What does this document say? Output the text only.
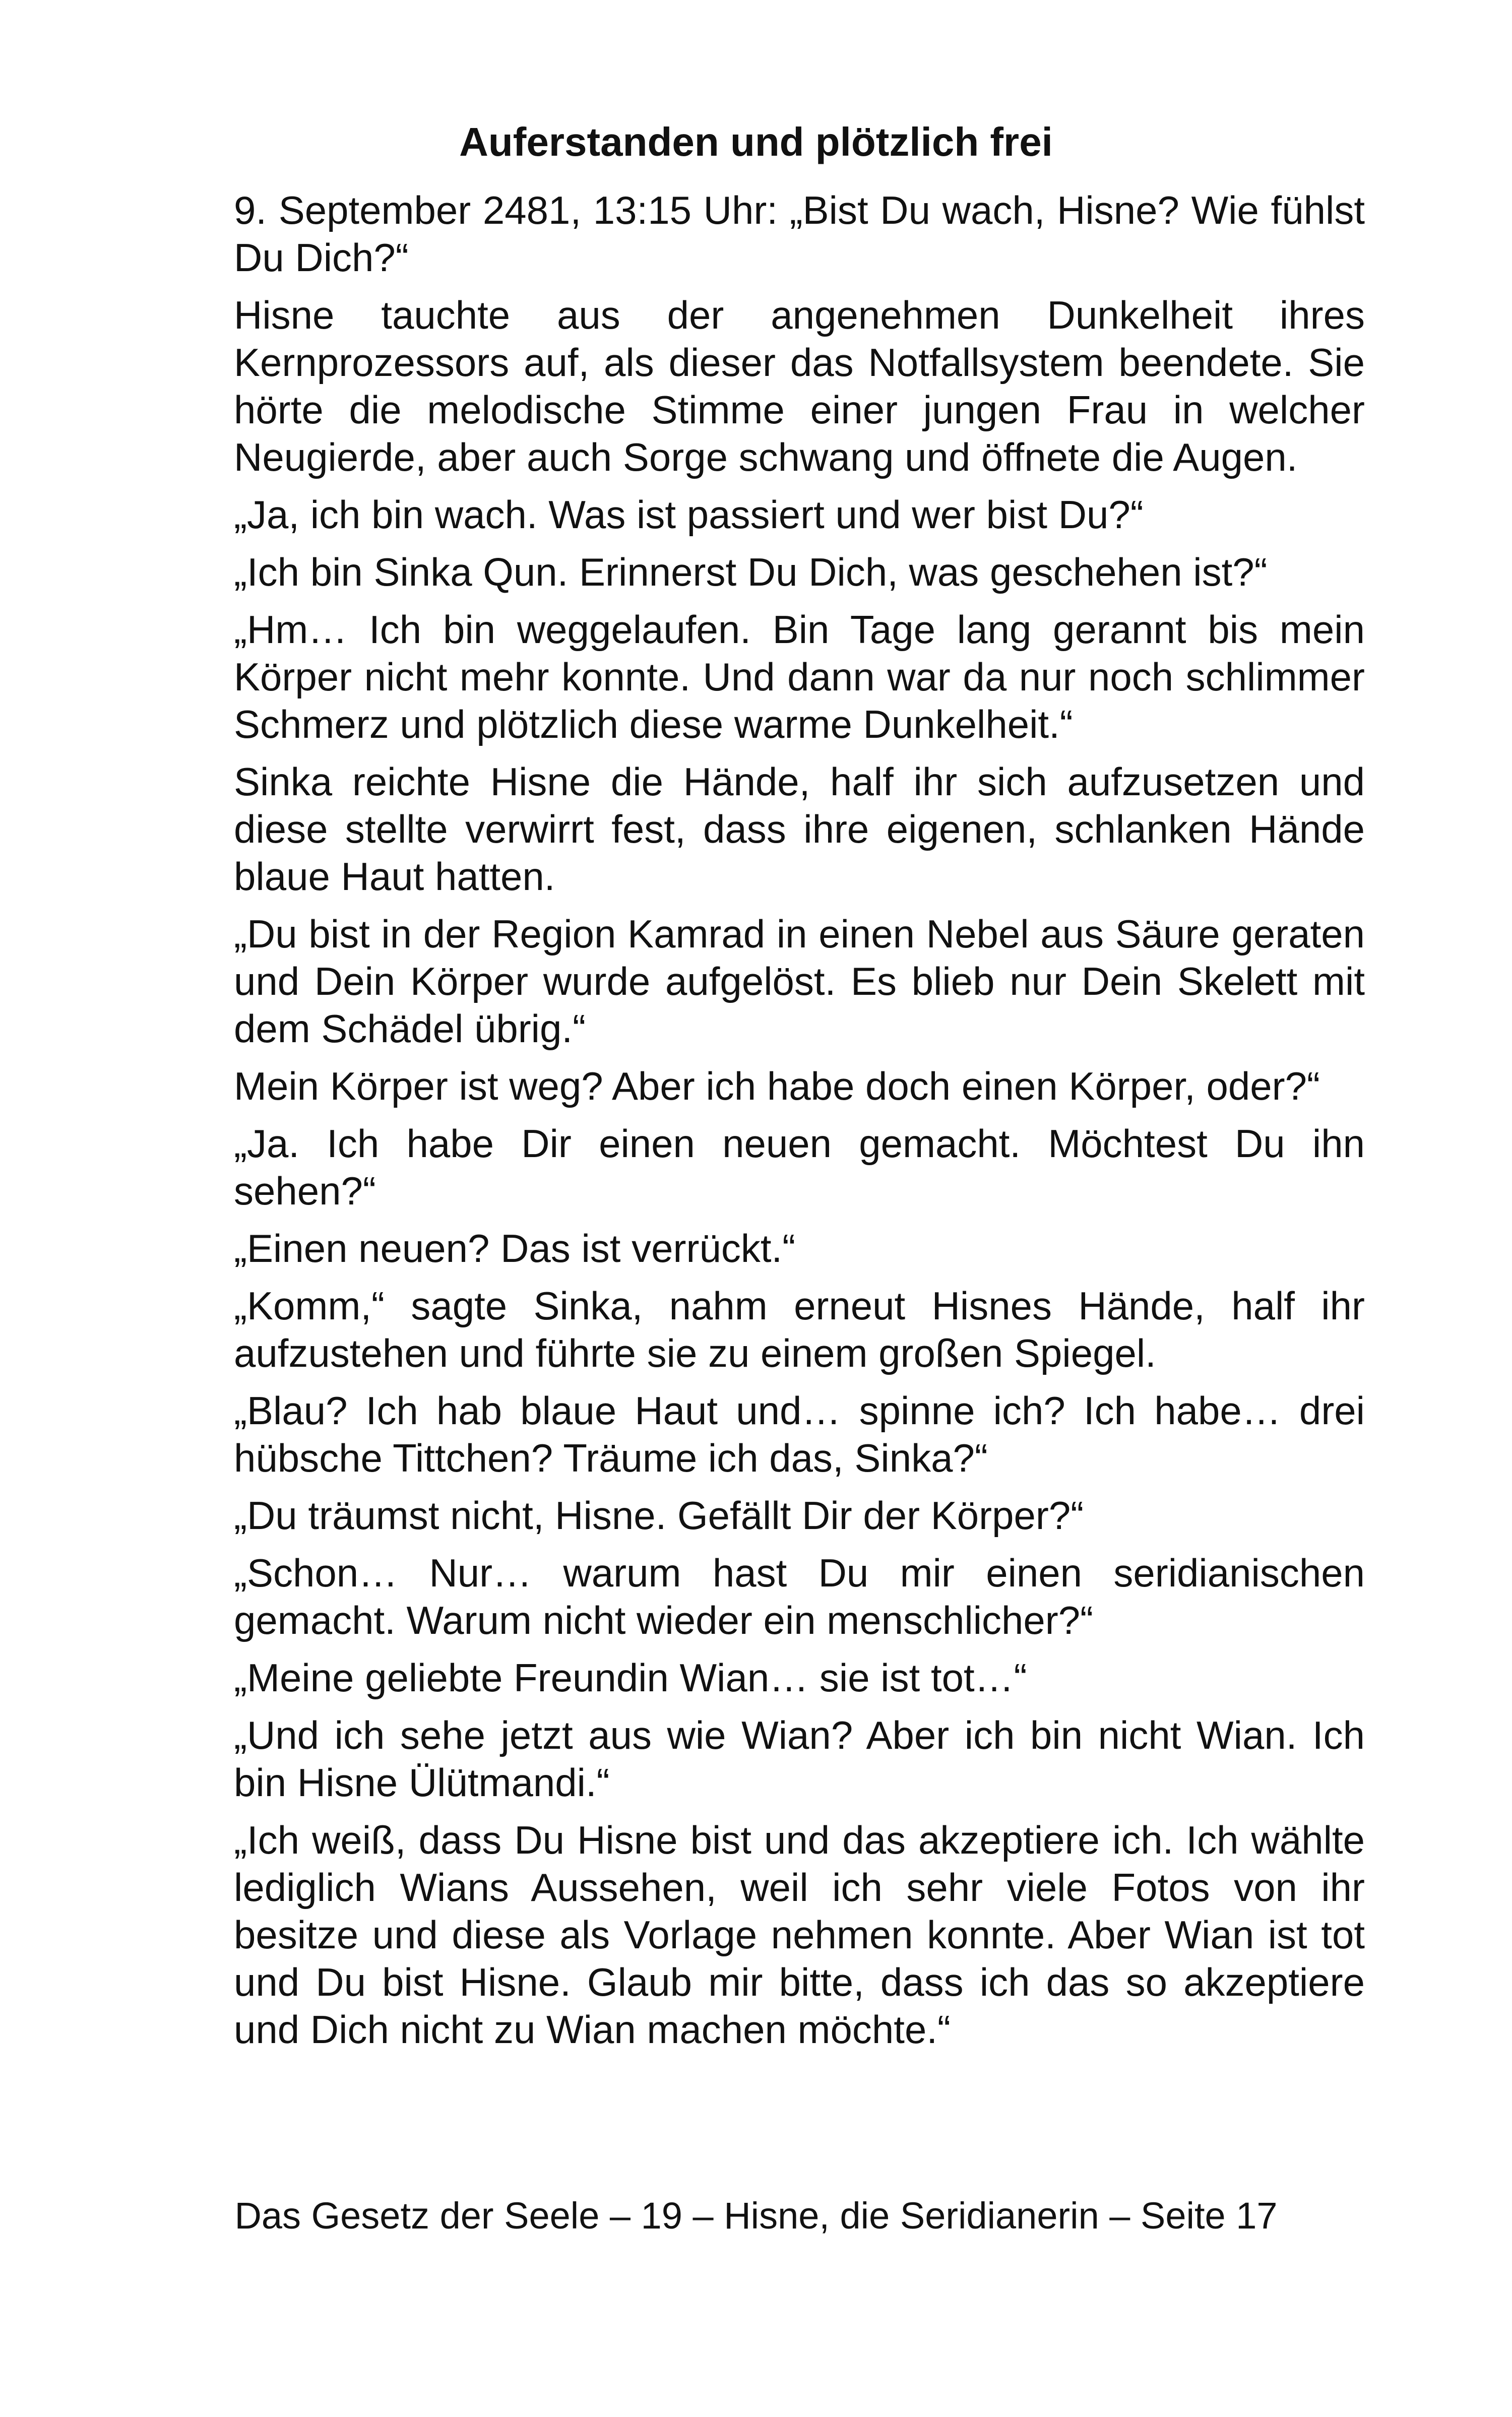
Auferstanden und plötzlich frei

9. September 2481, 13:15 Uhr: „Bist Du wach, Hisne? Wie fühlst Du Dich?“

Hisne tauchte aus der angenehmen Dunkelheit ihres Kernprozessors auf, als dieser das Notfallsystem beendete. Sie hörte die melodische Stimme einer jungen Frau in welcher Neugierde, aber auch Sorge schwang und öffnete die Augen.

„Ja, ich bin wach. Was ist passiert und wer bist Du?“

„Ich bin Sinka Qun. Erinnerst Du Dich, was geschehen ist?“

„Hm… Ich bin weggelaufen. Bin Tage lang gerannt bis mein Körper nicht mehr konnte. Und dann war da nur noch schlimmer Schmerz und plötzlich diese warme Dunkelheit.“

Sinka reichte Hisne die Hände, half ihr sich aufzusetzen und diese stellte verwirrt fest, dass ihre eigenen, schlanken Hände blaue Haut hatten.

„Du bist in der Region Kamrad in einen Nebel aus Säure geraten und Dein Körper wurde aufgelöst. Es blieb nur Dein Skelett mit dem Schädel übrig.“

Mein Körper ist weg? Aber ich habe doch einen Körper, oder?“

„Ja. Ich habe Dir einen neuen gemacht. Möchtest Du ihn sehen?“

„Einen neuen? Das ist verrückt.“

„Komm,“ sagte Sinka, nahm erneut Hisnes Hände, half ihr aufzustehen und führte sie zu einem großen Spiegel.

„Blau? Ich hab blaue Haut und… spinne ich? Ich habe… drei hübsche Tittchen? Träume ich das, Sinka?“

„Du träumst nicht, Hisne. Gefällt Dir der Körper?“

„Schon… Nur… warum hast Du mir einen seridianischen gemacht. Warum nicht wieder ein menschlicher?“

„Meine geliebte Freundin Wian… sie ist tot…“

„Und ich sehe jetzt aus wie Wian? Aber ich bin nicht Wian. Ich bin Hisne Ülütmandi.“

„Ich weiß, dass Du Hisne bist und das akzeptiere ich. Ich wählte lediglich Wians Aussehen, weil ich sehr viele Fotos von ihr besitze und diese als Vorlage nehmen konnte. Aber Wian ist tot und Du bist Hisne. Glaub mir bitte, dass ich das so akzeptiere und Dich nicht zu Wian machen möchte.“

Das Gesetz der Seele – 19 – Hisne, die Seridianerin – Seite 17
